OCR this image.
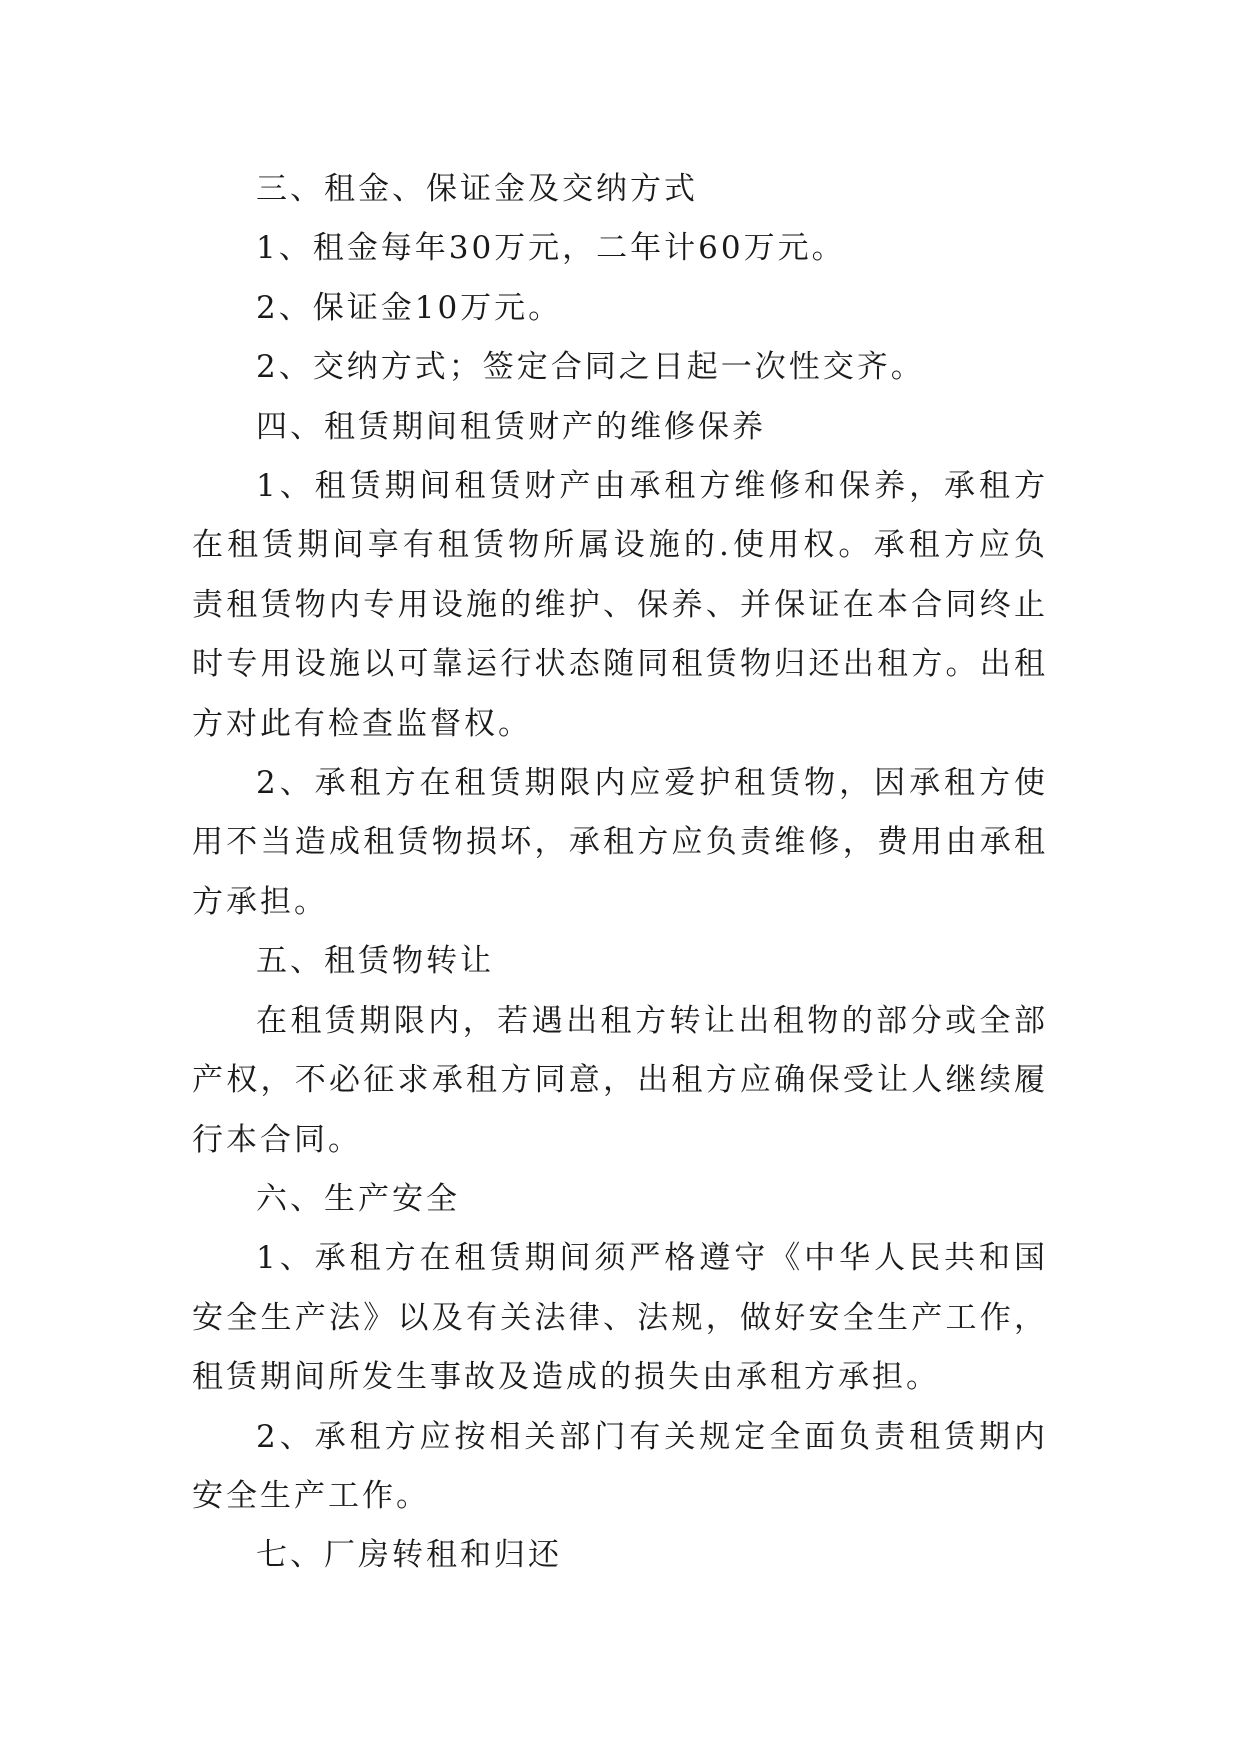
三、租金、保证金及交纳方式

1、租金每年30万元，二年计60万元。

2、保证金10万元。

2、交纳方式；签定合同之日起一次性交齐。

四、租赁期间租赁财产的维修保养

1、租赁期间租赁财产由承租方维修和保养，承租方在租赁期间享有租赁物所属设施的.使用权。承租方应负责租赁物内专用设施的维护、保养、并保证在本合同终止时专用设施以可靠运行状态随同租赁物归还出租方。出租方对此有检查监督权。

2、承租方在租赁期限内应爱护租赁物，因承租方使用不当造成租赁物损坏，承租方应负责维修，费用由承租方承担。

五、租赁物转让

在租赁期限内，若遇出租方转让出租物的部分或全部产权，不必征求承租方同意，出租方应确保受让人继续履行本合同。

六、生产安全

1、承租方在租赁期间须严格遵守《中华人民共和国安全生产法》以及有关法律、法规，做好安全生产工作，租赁期间所发生事故及造成的损失由承租方承担。

2、承租方应按相关部门有关规定全面负责租赁期内安全生产工作。

七、厂房转租和归还
